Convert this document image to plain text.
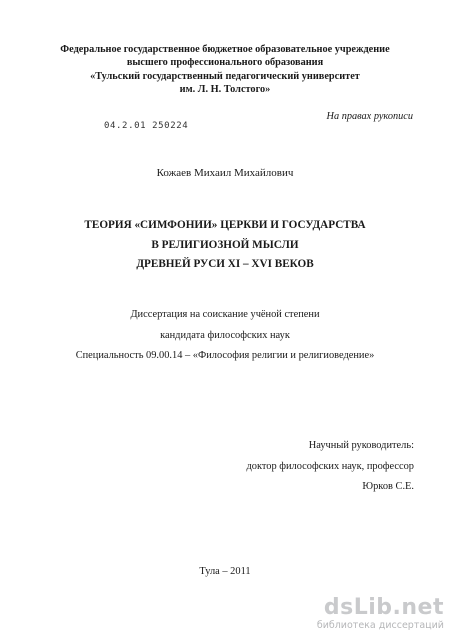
Федеральное государственное бюджетное образовательное учреждение
высшего профессионального образования
«Тульский государственный педагогический университет
им. Л. Н. Толстого»
На правах рукописи
04.2.01 250224
Кожаев Михаил Михайлович
ТЕОРИЯ «СИМФОНИИ» ЦЕРКВИ И ГОСУДАРСТВА
В РЕЛИГИОЗНОЙ МЫСЛИ
ДРЕВНЕЙ РУСИ XI – XVI ВЕКОВ
Диссертация на соискание учёной степени
кандидата философских наук
Специальность 09.00.14 – «Философия религии и религиоведение»
Научный руководитель:
доктор философских наук, профессор
Юрков С.Е.
Тула – 2011
dsLib.net
библиотека диссертаций
